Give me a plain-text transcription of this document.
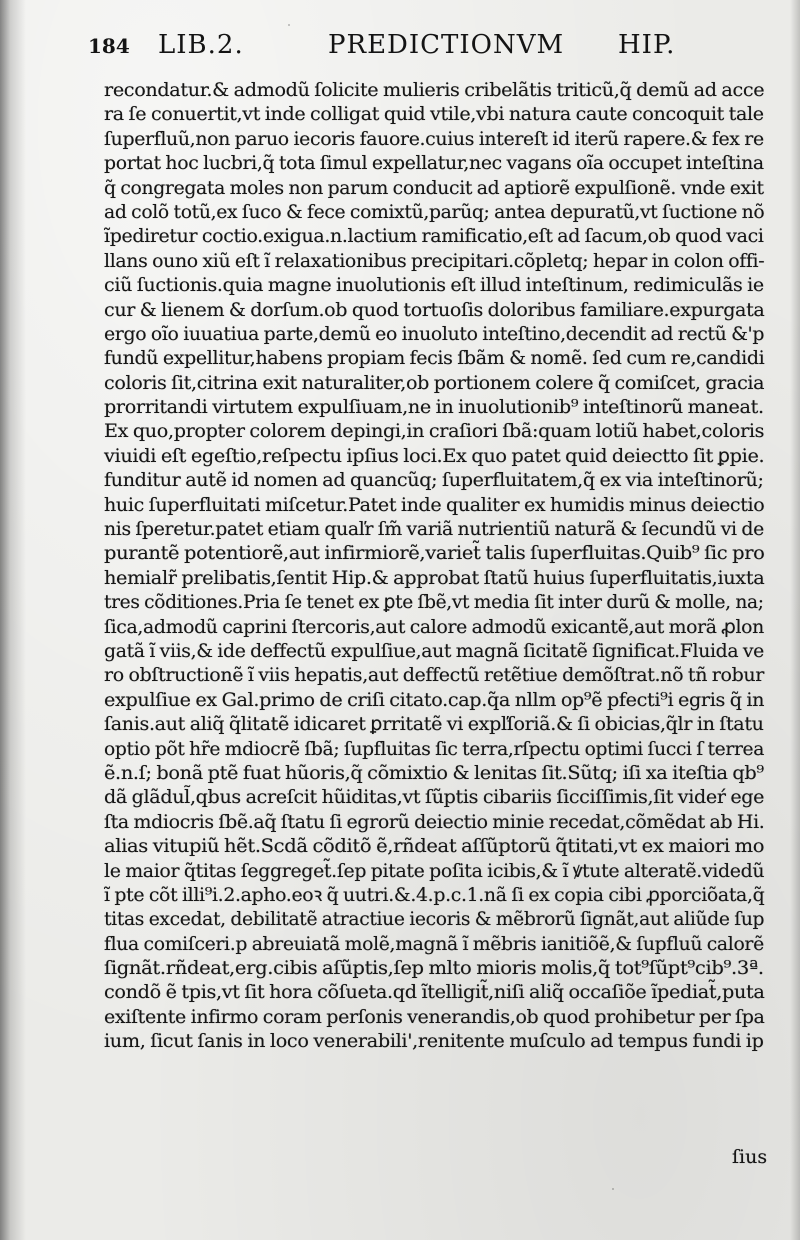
184 LIB.2.	PREDICTIONVM HIP.
recondatur.& admodũ ſolicite mulieris cribelãtis triticũ,q̃ demũ ad acce
ra ſe conuertit,vt inde colligat quid vtile,vbi natura caute concoquit tale
ſuperfluũ,non paruo iecoris fauore.cuius intereſt id iterũ rapere.& fex re
portat hoc lucbri,q̃ tota ſimul expellatur,nec vagans oĩa occupet inteſtina
q̃ congregata moles non parum conducit ad aptiorẽ expulſionẽ. vnde exit
ad colõ totũ,ex ſuco & fece comixtũ,parũq; antea depuratũ,vt ſuctione nõ
ĩpediretur coctio.exigua.n.lactium ramificatio,eſt ad ſacum,ob quod vaci
llans ouno xiũ eſt ĩ relaxationibus precipitari.cõpletq; hepar in colon offi-
ciũ ſuctionis.quia magne inuolutionis eſt illud inteſtinum, redimiculãs ie
cur & lienem & dorſum.ob quod tortuoſis doloribus familiare.expurgata
ergo oĩo iuuatiua parte,demũ eo inuoluto inteſtino,decendit ad rectũ &'p
fundũ expellitur,habens propiam fecis ſbãm & nomẽ. ſed cum re,candidi
coloris ſit,citrina exit naturaliter,ob portionem colere q̃ comiſcet, gracia
prorritandi virtutem expulſiuam,ne in inuolutionib⁹ inteſtinorũ maneat.
Ex quo,propter colorem depingi,in craſiori ſbã:quam lotiũ habet,coloris
viuidi eſt egeſtio,reſpectu ipſius loci.Ex quo patet quid deiectto ſit ꝑpie.
funditur autẽ id nomen ad quancũq; ſuperfluitatem,q̃ ex via inteſtinorũ;
huic ſuperfluitati miſcetur.Patet inde qualiter ex humidis minus deiectio
nis ſperetur.patet etiam quaľr ſm̃ variã nutrientiũ naturã & ſecundũ vi de
purantẽ potentiorẽ,aut infirmiorẽ,variet̃ talis ſuperfluitas.Quib⁹ ſic pro
hemialr̃ prelibatis,ſentit Hip.& approbat ſtatũ huius ſuperfluitatis,iuxta
tres cõditiones.Pria ſe tenet ex ꝑte ſbẽ,vt media ſit inter durũ & molle, na;
ſica,admodũ caprini ſtercoris,aut calore admodũ exicantẽ,aut morã ꝓlon
gatã ĩ viis,& ide deffectũ expulſiue,aut magnã ſicitatẽ ſignificat.Fluida ve
ro obſtructionẽ ĩ viis hepatis,aut deffectũ retẽtiue demõſtrat.nõ tñ robur
expulſiue ex Gal.primo de criſi citato.cap.q̃a nllm op⁹ẽ pfecti⁹i egris q̃ in
ſanis.aut aliq̃ q̃litatẽ idicaret ꝑrritatẽ vi expľſoriã.& ſi obicias,q̃lr in ſtatu
optio põt hr̃e mdiocrẽ ſbã; ſupfluitas ſic terra,rſpectu optimi ſucci ſ terrea
ẽ.n.ſ; bonã ptẽ fuat hũoris,q̃ cõmixtio & lenitas ſit.Sũtq; iſi xa iteſtia qb⁹
dã glãdul̃,qbus acreſcit hũiditas,vt ſũptis cibariis ſicciſſimis,ſit videŕ ege
ſta mdiocris ſbẽ.aq̃ ſtatu ſi egrorũ deiectio minie recedat,cõmẽdat ab Hi.
alias vitupiũ hẽt.Scdã cõditõ ẽ,rñdeat aſſũptorũ q̃titati,vt ex maiori mo
le maior q̃titas ſeggreget̃.ſep pitate poſita icibis,& ĩ ꝟtute alteratẽ.videdũ
ĩ pte cõt illi⁹i.2.apho.eoꝛ q̃ uutri.&.4.p.c.1.nã ſi ex copia cibi ꝓporciõata,q̃
titas excedat, debilitatẽ atractiue iecoris & mẽbrorũ ſignãt,aut aliũde ſup
flua comiſceri.p abreuiatã molẽ,magnã ĩ mẽbris ianitiõẽ,& ſupfluũ calorẽ
ſignãt.rñdeat,erg.cibis aſũptis,ſep mlto mioris molis,q̃ tot⁹ſũpt⁹cib⁹.3ª.
condõ ẽ tpis,vt ſit hora cõſueta.qd ĩtelligit̃,niſi aliq̃ occaſiõe ĩpediat̃,puta
exiſtente infirmo coram perſonis venerandis,ob quod prohibetur per ſpa
ium, ſicut ſanis in loco venerabili',renitente muſculo ad tempus fundi ip
ſius
